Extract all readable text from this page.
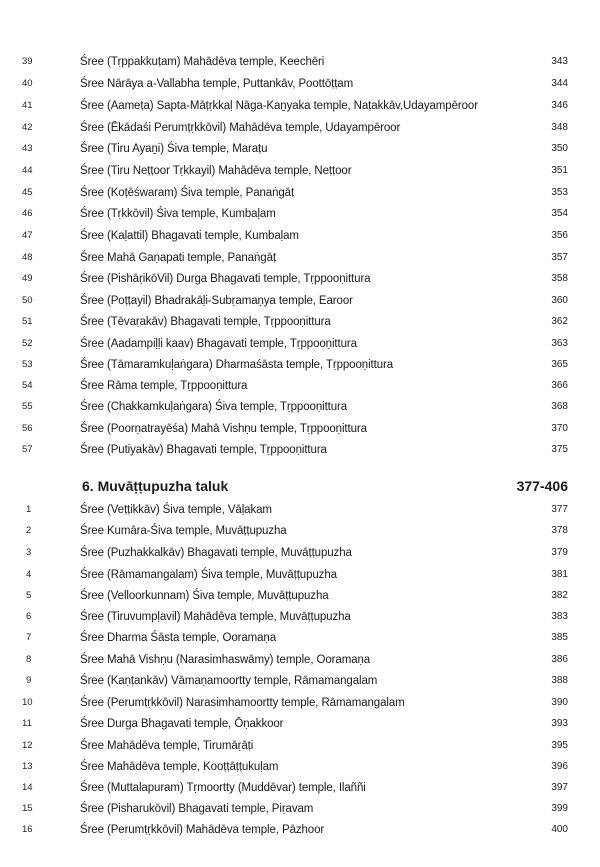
39	Śree (Tṛppakkuṭam) Mahādēva temple, Keechēri	343
40	Śree Nārāya a-Vallabha temple, Puttankāv, Poottōṭṭam	344
41	Śree (Aameṭa) Sapta-Māṭṛkkaḷ Nāga-Kaṉyaka temple, Naṭakkāv,Udayampēroor	346
42	Śree (Ēkādaśi Perumṭṛkkōvil) Mahādēva temple, Udayampēroor	348
43	Śree (Tiru Ayaṉi) Śiva temple, Maraṭu	350
44	Śree (Tiru Neṭṭoor Tṛkkayil) Mahādēva temple, Neṭṭoor	351
45	Śree (Koṭēśwaram) Śiva temple, Panaṅgāṭ	353
46	Śree (Tṛkkōvil) Śiva temple, Kumbaḷam	354
47	Śree (Kaḷattil) Bhagavati temple, Kumbaḷam	356
48	Śree Mahā Gaṇapati temple, Panaṅgāṭ	357
49	Śree (PishāṛikōVil) Durga Bhagavati temple, Tṛppooṇittura	358
50	Śree (Poṭṭayil) Bhadrakāḷi-Subṛamaṇya temple, Earoor	360
51	Śree (Tēvaṛakāv) Bhagavati temple, Tṛppooṇittura	362
52	Śree (Aadampiḷḷi kaav) Bhagavati temple, Tṛppooṇittura	363
53	Śree (Tāmaramkuḷaṅgara) Dharmaśāsta temple, Tṛppooṇittura	365
54	Śree Rāma temple, Tṛppooṇittura	366
55	Śree (Chakkamkuḷaṅgara) Śiva temple, Tṛppooṇittura	368
56	Śree (Poorṇatrayēśa) Mahā Vishṇu temple, Tṛppooṇittura	370
57	Śree (Putiyakāv) Bhagavati temple, Tṛppooṇittura	375
6. Muvāṭṭupuzha taluk	377-406
1	Śree (Veṭṭikkāv) Śiva temple, Vāḷakam	377
2	Śree Kumāra-Śiva temple, Muvāṭṭupuzha	378
3	Śree (Puzhakkalkāv) Bhagavati temple, Muvāṭṭupuzha	379
4	Śree (Rāmamangalam) Śiva temple, Muvāṭṭupuzha	381
5	Śree (Velloorkunnam) Śiva temple, Muvāṭṭupuzha	382
6	Śree (Tiruvumpḷavil) Mahādēva temple, Muvāṭṭupuzha	383
7	Śree Dharma Śāsta temple, Ooramaṇa	385
8	Śree Mahā Vishṇu (Narasimhaswāmy) temple, Ooramaṇa	386
9	Śree (Kaṇṭankāv) Vāmaṇamoortty temple, Rāmamangalam	388
10	Śree (Perumṭṛkkōvil) Narasimhamoortty temple, Rāmamangalam	390
11	Śree Durga Bhagavati temple, Ōṇakkoor	393
12	Śree Mahādēva temple, Tirumāṛāṭi	395
13	Śree Mahādēva temple, Kooṭṭāṭṭukuḷam	396
14	Śree (Muttalapuram) Tṛmoortty (Muddēvar) temple, Ilaññi	397
15	Śree (Pisharukōvil) Bhagavati temple, Piṛavam	399
16	Śree (Perumṭṛkkōvil) Mahādēva temple, Pāzhoor	400
